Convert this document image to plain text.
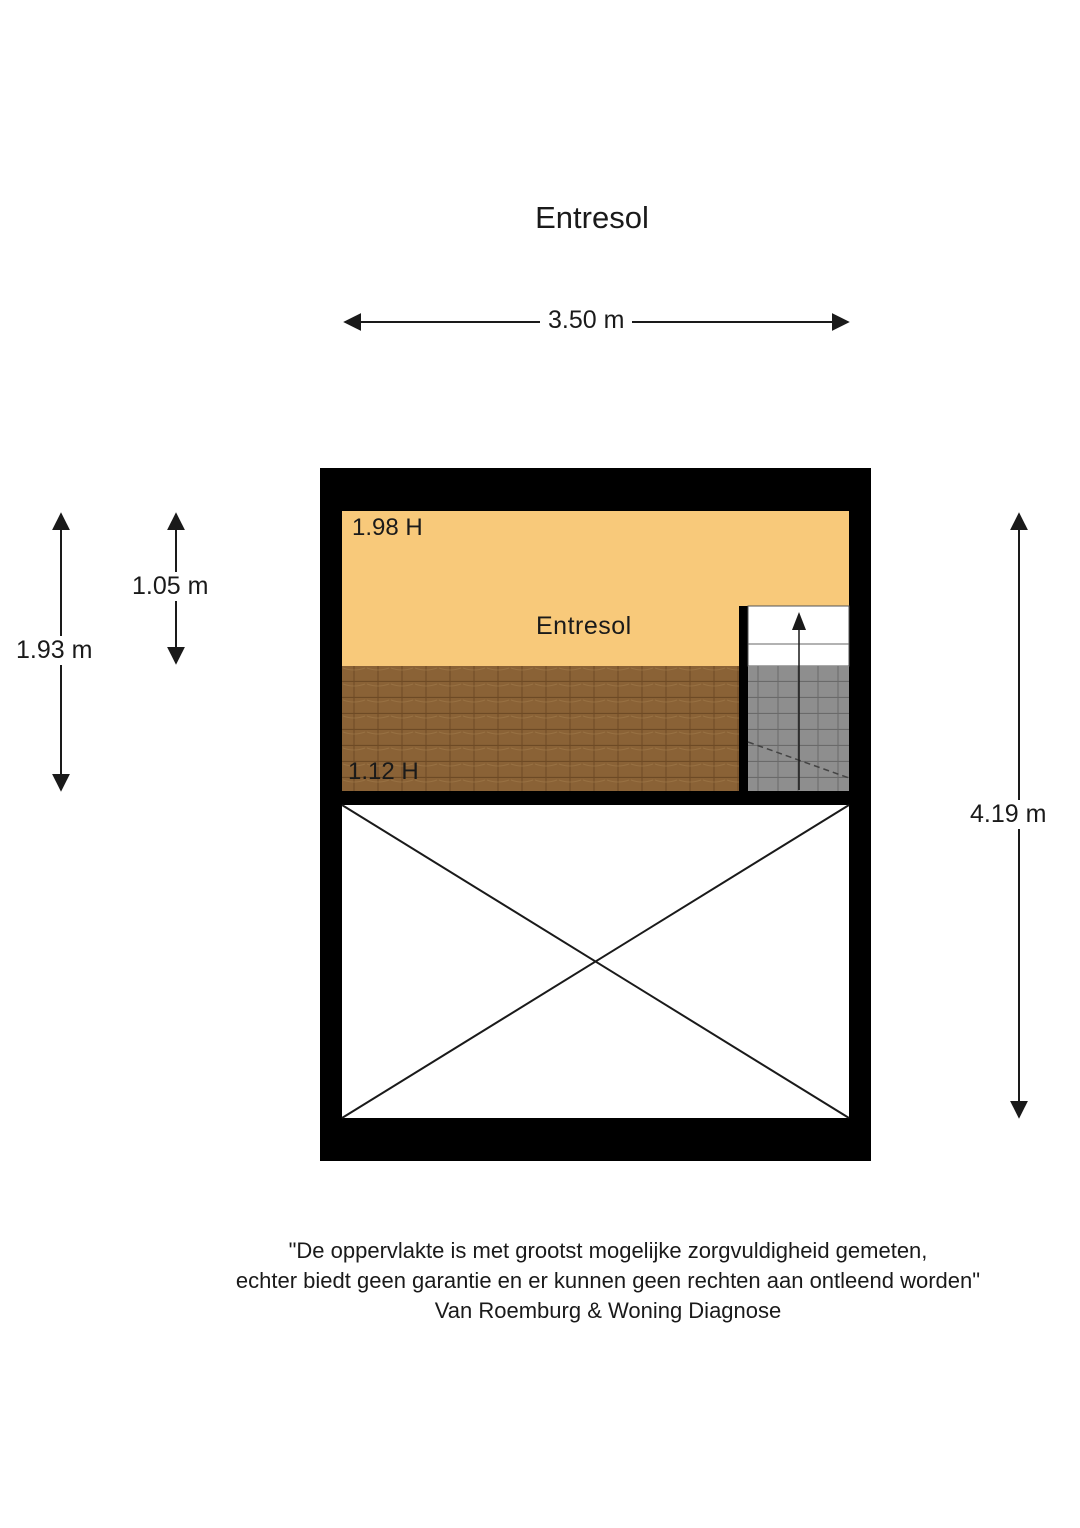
Entresol
3.50 m
1.05 m
1.93 m
4.19 m
1.98 H
Entresol
1.12 H
"De oppervlakte is met grootst mogelijke zorgvuldigheid gemeten,
echter biedt geen garantie en er kunnen geen rechten aan ontleend worden"
Van Roemburg & Woning Diagnose
